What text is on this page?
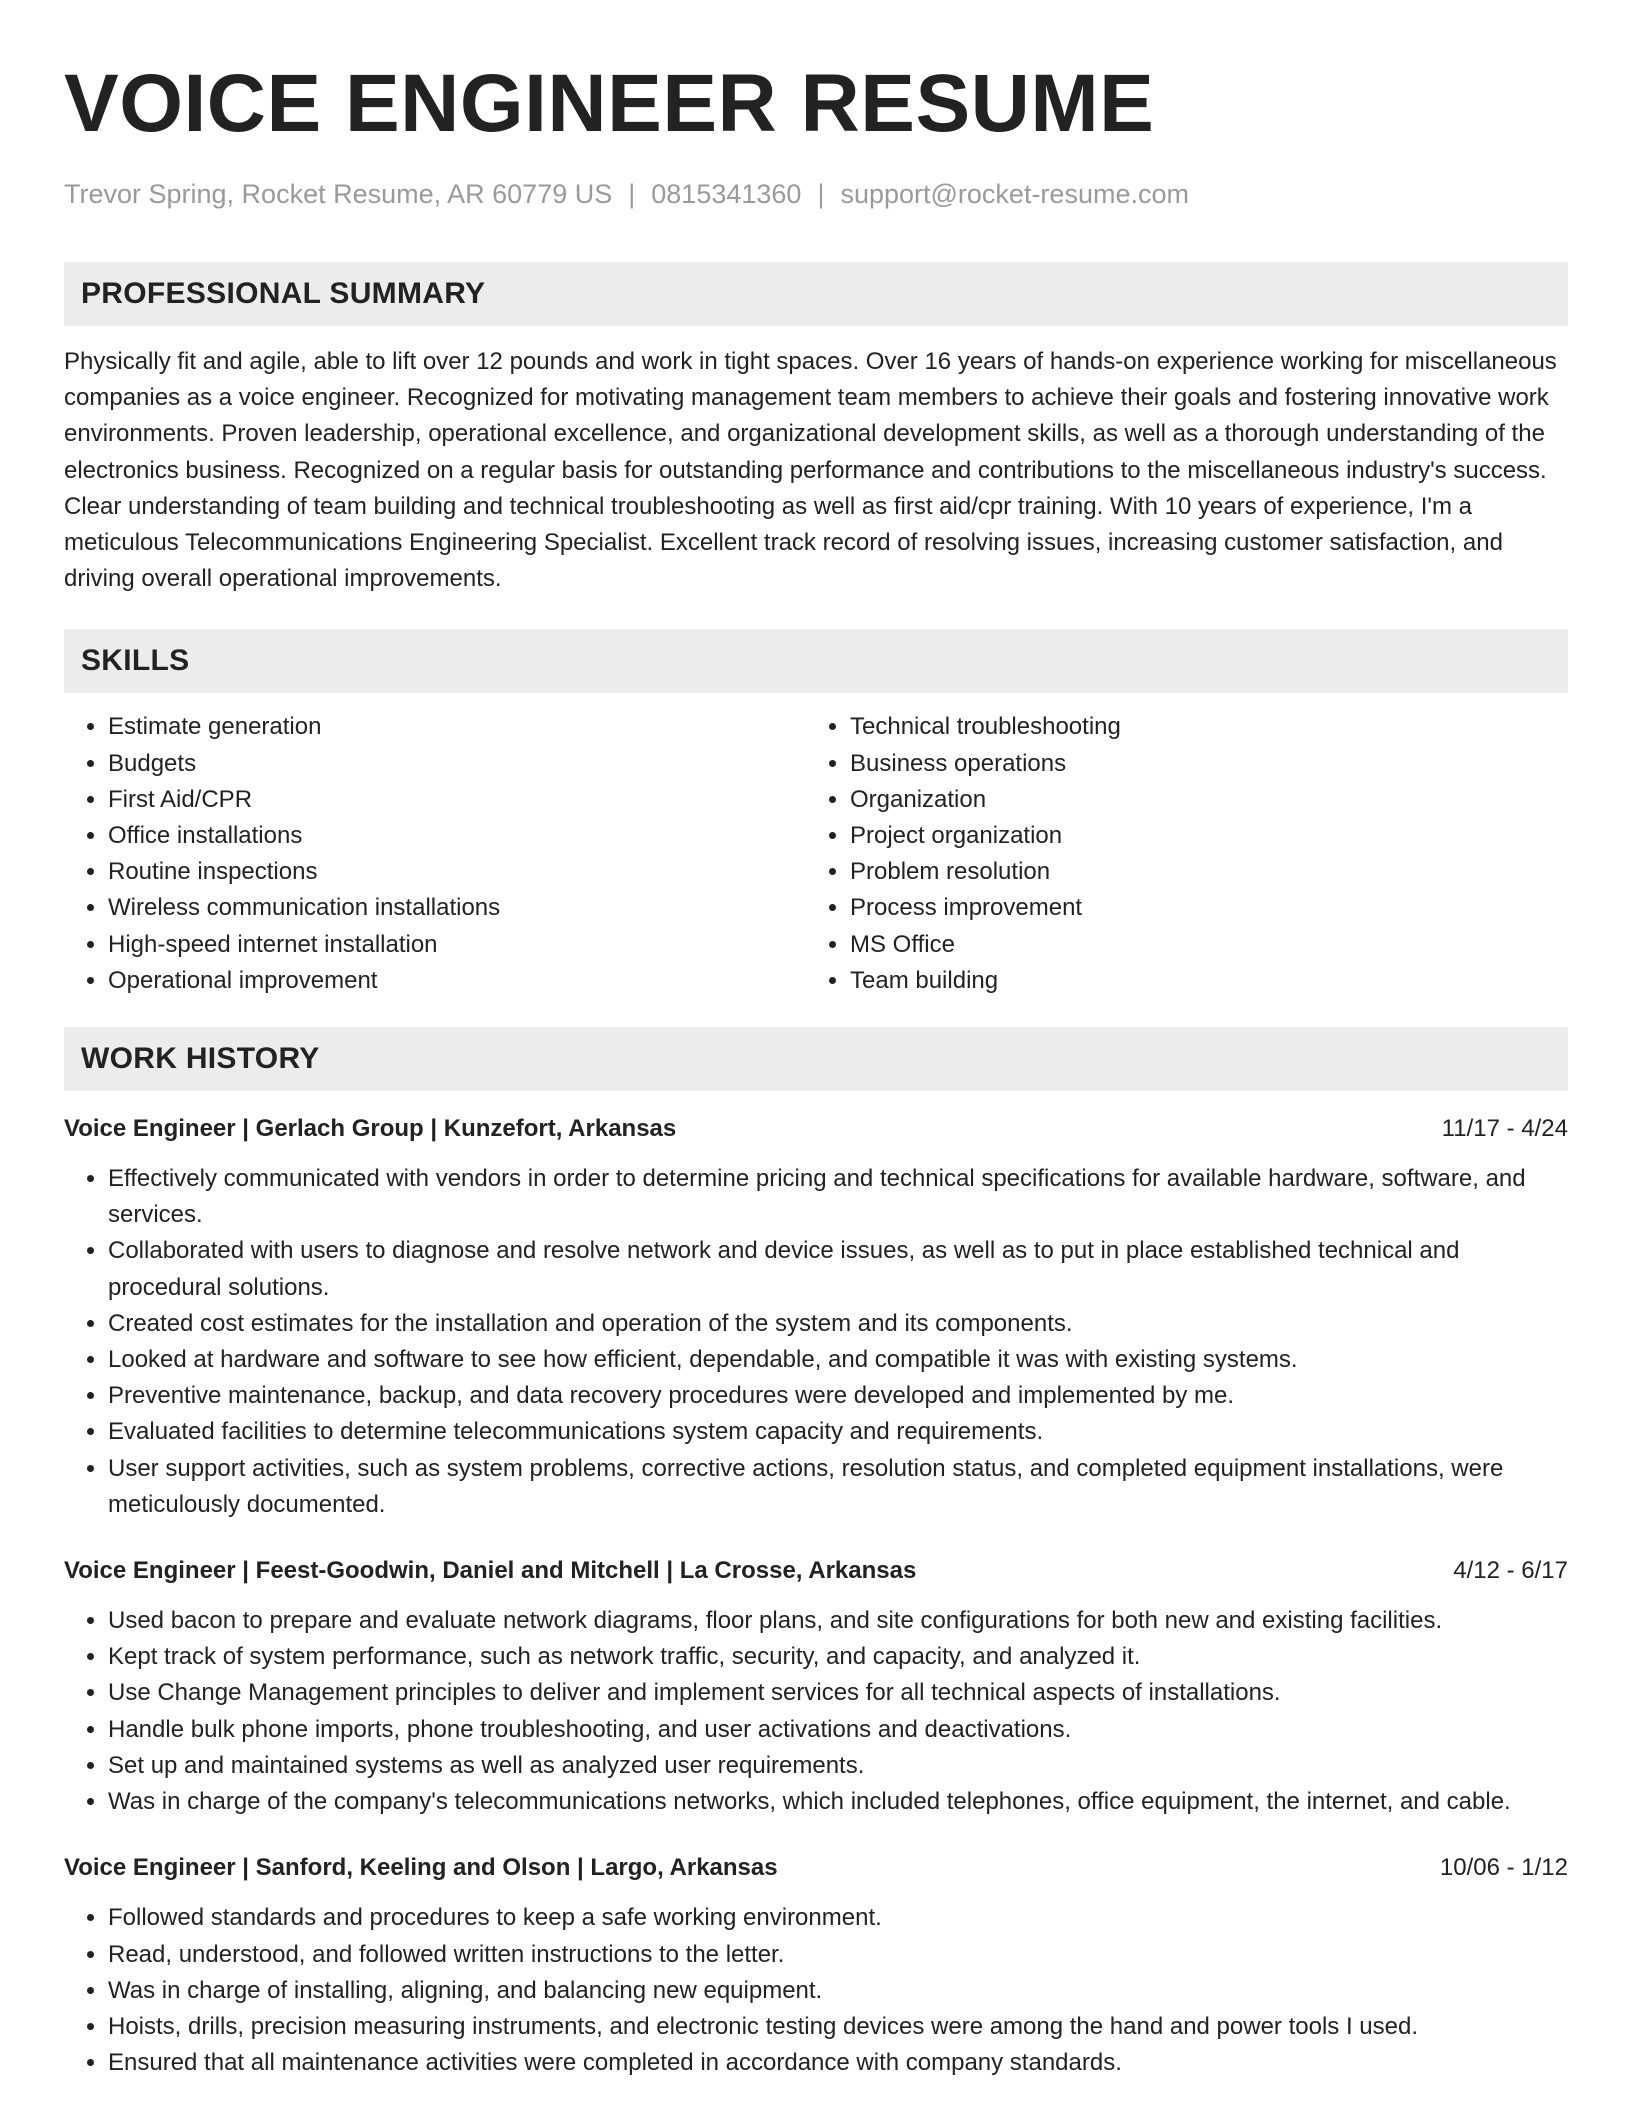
VOICE ENGINEER RESUME
Trevor Spring, Rocket Resume, AR 60779 US | 0815341360 | support@rocket-resume.com
PROFESSIONAL SUMMARY

Physically fit and agile, able to lift over 12 pounds and work in tight spaces. Over 16 years of hands-on experience working for miscellaneous companies as a voice engineer. Recognized for motivating management team members to achieve their goals and fostering innovative work environments. Proven leadership, operational excellence, and organizational development skills, as well as a thorough understanding of the electronics business. Recognized on a regular basis for outstanding performance and contributions to the miscellaneous industry's success. Clear understanding of team building and technical troubleshooting as well as first aid/cpr training. With 10 years of experience, I'm a meticulous Telecommunications Engineering Specialist. Excellent track record of resolving issues, increasing customer satisfaction, and driving overall operational improvements.

SKILLS
• Estimate generation
• Budgets
• First Aid/CPR
• Office installations
• Routine inspections
• Wireless communication installations
• High-speed internet installation
• Operational improvement
• Technical troubleshooting
• Business operations
• Organization
• Project organization
• Problem resolution
• Process improvement
• MS Office
• Team building
WORK HISTORY
Voice Engineer | Gerlach Group | Kunzefort, Arkansas	11/17 - 4/24
• Effectively communicated with vendors in order to determine pricing and technical specifications for available hardware, software, and services.
• Collaborated with users to diagnose and resolve network and device issues, as well as to put in place established technical and procedural solutions.
• Created cost estimates for the installation and operation of the system and its components.
• Looked at hardware and software to see how efficient, dependable, and compatible it was with existing systems.
• Preventive maintenance, backup, and data recovery procedures were developed and implemented by me.
• Evaluated facilities to determine telecommunications system capacity and requirements.
• User support activities, such as system problems, corrective actions, resolution status, and completed equipment installations, were meticulously documented.
Voice Engineer | Feest-Goodwin, Daniel and Mitchell | La Crosse, Arkansas	4/12 - 6/17
• Used bacon to prepare and evaluate network diagrams, floor plans, and site configurations for both new and existing facilities.
• Kept track of system performance, such as network traffic, security, and capacity, and analyzed it.
• Use Change Management principles to deliver and implement services for all technical aspects of installations.
• Handle bulk phone imports, phone troubleshooting, and user activations and deactivations.
• Set up and maintained systems as well as analyzed user requirements.
• Was in charge of the company's telecommunications networks, which included telephones, office equipment, the internet, and cable.
Voice Engineer | Sanford, Keeling and Olson | Largo, Arkansas	10/06 - 1/12
• Followed standards and procedures to keep a safe working environment.
• Read, understood, and followed written instructions to the letter.
• Was in charge of installing, aligning, and balancing new equipment.
• Hoists, drills, precision measuring instruments, and electronic testing devices were among the hand and power tools I used.
• Ensured that all maintenance activities were completed in accordance with company standards.
